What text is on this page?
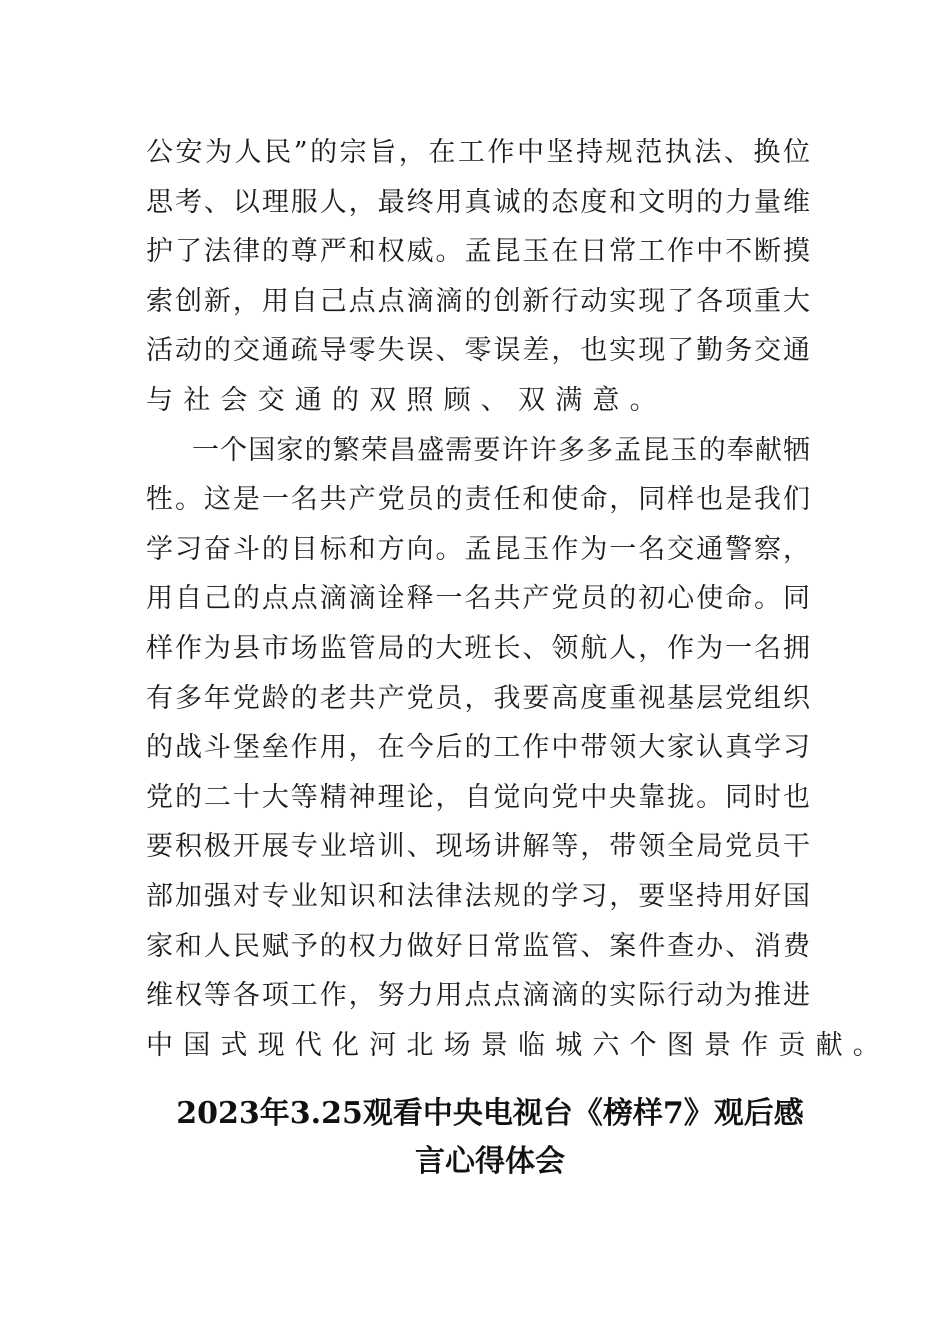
公安为人民”的宗旨，在工作中坚持规范执法、换位
思考、以理服人，最终用真诚的态度和文明的力量维
护了法律的尊严和权威。孟昆玉在日常工作中不断摸
索创新，用自己点点滴滴的创新行动实现了各项重大
活动的交通疏导零失误、零误差，也实现了勤务交通
与社会交通的双照顾、双满意。
一个国家的繁荣昌盛需要许许多多孟昆玉的奉献牺
牲。这是一名共产党员的责任和使命，同样也是我们
学习奋斗的目标和方向。孟昆玉作为一名交通警察，
用自己的点点滴滴诠释一名共产党员的初心使命。同
样作为县市场监管局的大班长、领航人，作为一名拥
有多年党龄的老共产党员，我要高度重视基层党组织
的战斗堡垒作用，在今后的工作中带领大家认真学习
党的二十大等精神理论，自觉向党中央靠拢。同时也
要积极开展专业培训、现场讲解等，带领全局党员干
部加强对专业知识和法律法规的学习，要坚持用好国
家和人民赋予的权力做好日常监管、案件查办、消费
维权等各项工作，努力用点点滴滴的实际行动为推进
中国式现代化河北场景临城六个图景作贡献。
2023年3.25观看中央电视台《榜样7》观后感
言心得体会
